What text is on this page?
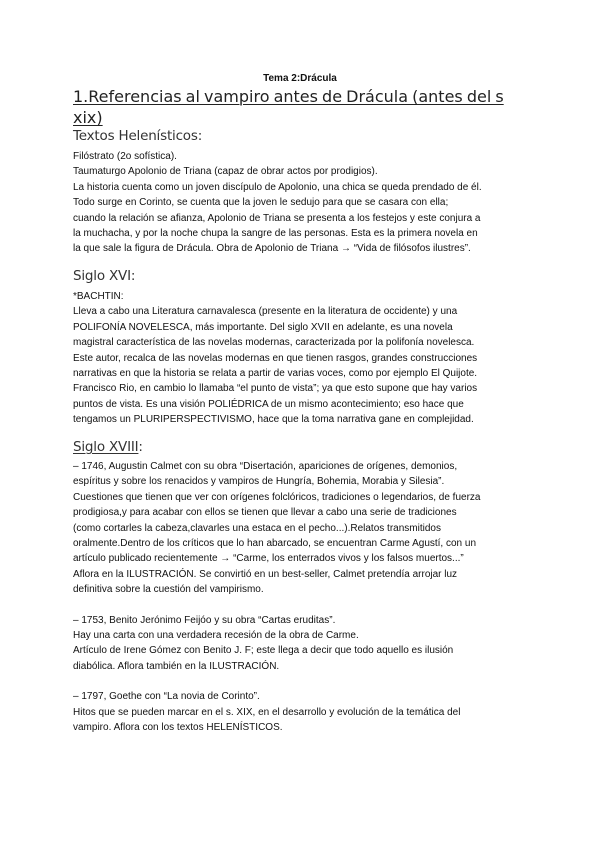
Tema 2:Drácula
1.Referencias al vampiro antes de Drácula (antes del s
xix)
Textos Helenísticos:
Filóstrato (2o sofística).
Taumaturgo Apolonio de Triana (capaz de obrar actos por prodigios).
La historia cuenta como un joven discípulo de Apolonio, una chica se queda prendado de él.
Todo surge en Corinto, se cuenta que la joven le sedujo para que se casara con ella;
cuando la relación se afianza, Apolonio de Triana se presenta a los festejos y este conjura a
la muchacha, y por la noche chupa la sangre de las personas. Esta es la primera novela en
la que sale la figura de Drácula. Obra de Apolonio de Triana → “Vida de filósofos ilustres”.
Siglo XVI:
*BACHTIN:
Lleva a cabo una Literatura carnavalesca (presente en la literatura de occidente) y una
POLIFONÍA NOVELESCA, más importante. Del siglo XVII en adelante, es una novela
magistral característica de las novelas modernas, caracterizada por la polifonía novelesca.
Este autor, recalca de las novelas modernas en que tienen rasgos, grandes construcciones
narrativas en que la historia se relata a partir de varias voces, como por ejemplo El Quijote.
Francisco Rio, en cambio lo llamaba “el punto de vista”; ya que esto supone que hay varios
puntos de vista. Es una visión POLIÉDRICA de un mismo acontecimiento; eso hace que
tengamos un PLURIPERSPECTIVISMO, hace que la toma narrativa gane en complejidad.
Siglo XVIII:
– 1746, Augustin Calmet con su obra “Disertación, apariciones de orígenes, demonios,
espíritus y sobre los renacidos y vampiros de Hungría, Bohemia, Morabia y Silesia”.
Cuestiones que tienen que ver con orígenes folclóricos, tradiciones o legendarios, de fuerza
prodigiosa,y para acabar con ellos se tienen que llevar a cabo una serie de tradiciones
(como cortarles la cabeza,clavarles una estaca en el pecho...).Relatos transmitidos
oralmente.Dentro de los críticos que lo han abarcado, se encuentran Carme Agustí, con un
artículo publicado recientemente → “Carme, los enterrados vivos y los falsos muertos...”
Aflora en la ILUSTRACIÓN. Se convirtió en un best-seller, Calmet pretendía arrojar luz
definitiva sobre la cuestión del vampirismo.
– 1753, Benito Jerónimo Feijóo y su obra “Cartas eruditas”.
Hay una carta con una verdadera recesión de la obra de Carme.
Artículo de Irene Gómez con Benito J. F; este llega a decir que todo aquello es ilusión
diabólica. Aflora también en la ILUSTRACIÓN.
– 1797, Goethe con “La novia de Corinto”.
Hitos que se pueden marcar en el s. XIX, en el desarrollo y evolución de la temática del
vampiro. Aflora con los textos HELENÍSTICOS.
